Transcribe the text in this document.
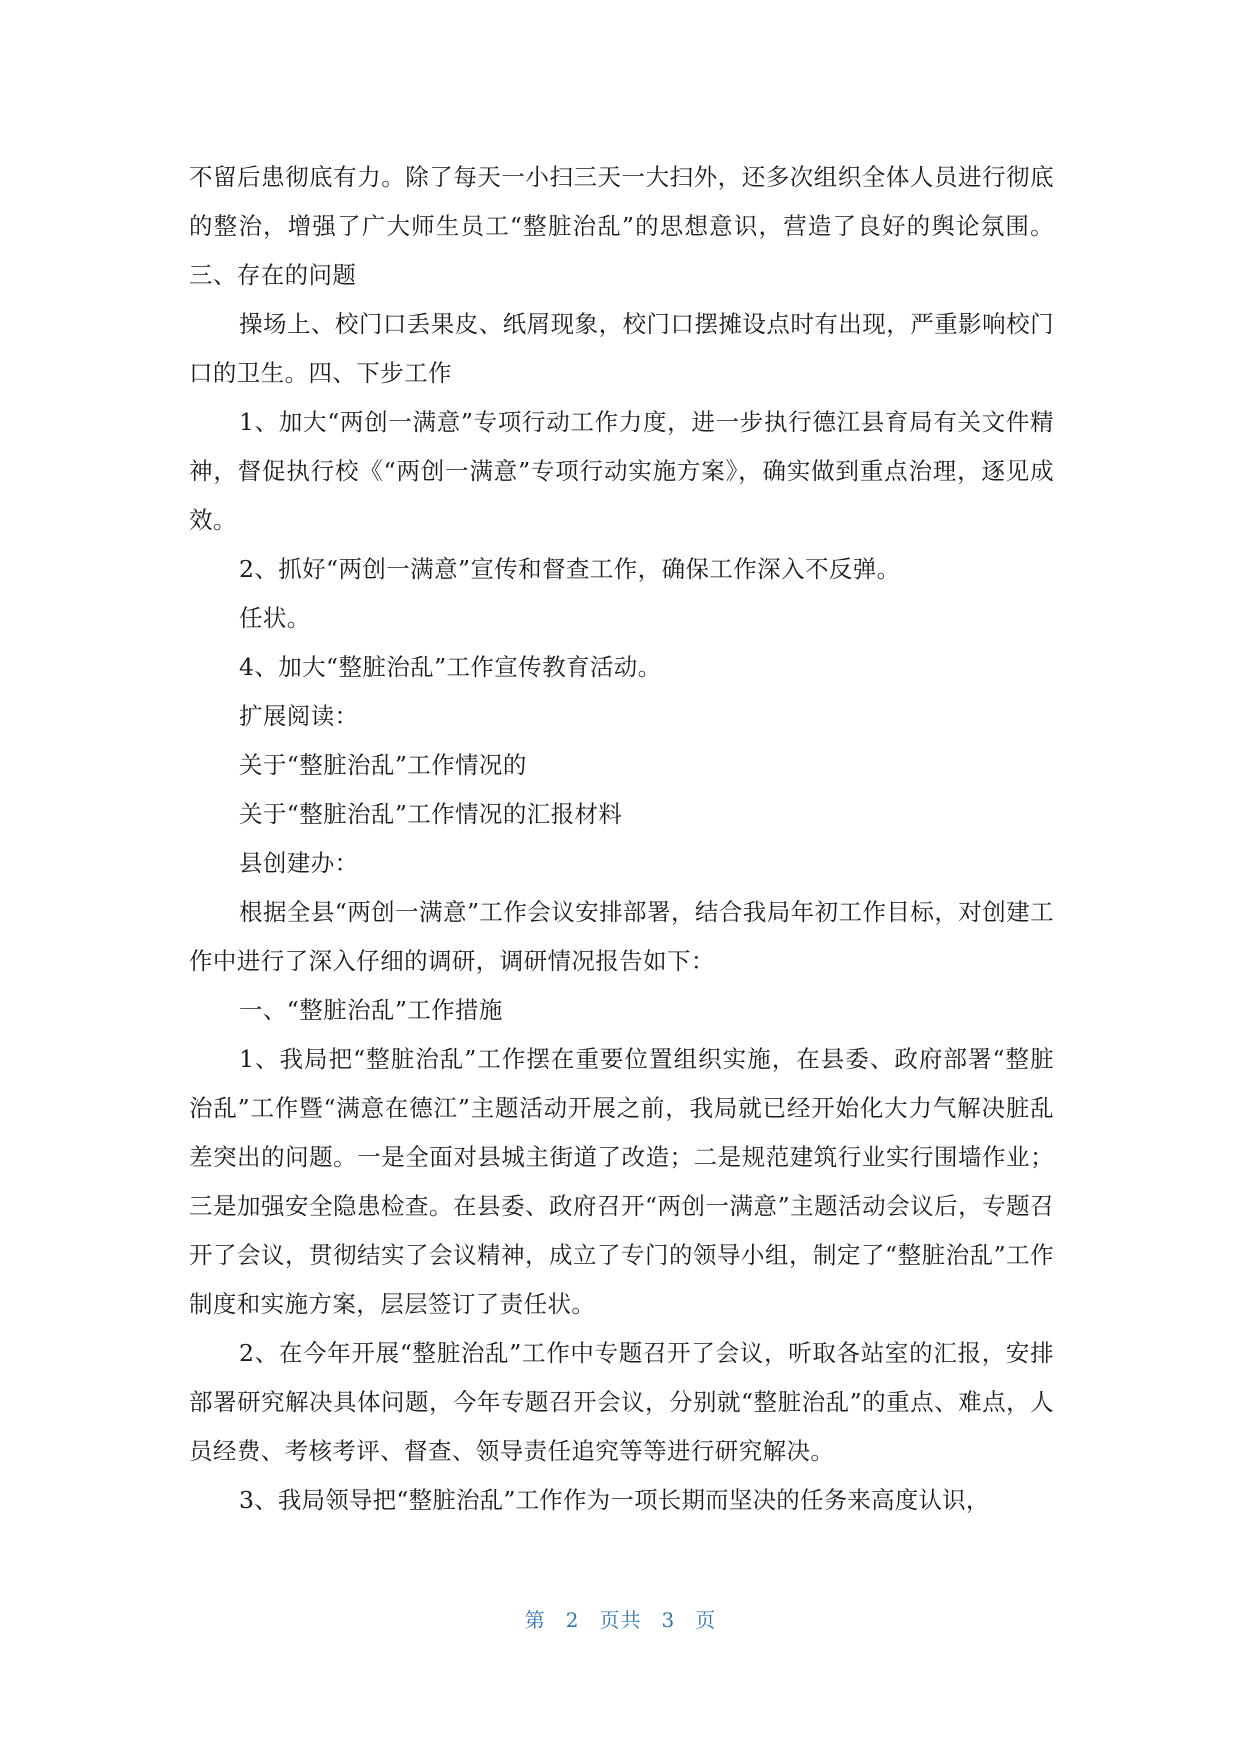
不留后患彻底有力。除了每天一小扫三天一大扫外，还多次组织全体人员进行彻底的整治，增强了广大师生员工“整脏治乱”的思想意识，营造了良好的舆论氛围。三、存在的问题

操场上、校门口丢果皮、纸屑现象，校门口摆摊设点时有出现，严重影响校门口的卫生。四、下步工作

1、加大“两创一满意”专项行动工作力度，进一步执行德江县育局有关文件精神，督促执行校《“两创一满意”专项行动实施方案》，确实做到重点治理，逐见成效。

2、抓好“两创一满意”宣传和督查工作，确保工作深入不反弹。

任状。

4、加大“整脏治乱”工作宣传教育活动。

扩展阅读：

关于“整脏治乱”工作情况的

关于“整脏治乱”工作情况的汇报材料

县创建办：

根据全县“两创一满意”工作会议安排部署，结合我局年初工作目标，对创建工作中进行了深入仔细的调研，调研情况报告如下：

一、“整脏治乱”工作措施

1、我局把“整脏治乱”工作摆在重要位置组织实施，在县委、政府部署“整脏治乱”工作暨“满意在德江”主题活动开展之前，我局就已经开始化大力气解决脏乱差突出的问题。一是全面对县城主街道了改造；二是规范建筑行业实行围墙作业；三是加强安全隐患检查。在县委、政府召开“两创一满意”主题活动会议后，专题召开了会议，贯彻结实了会议精神，成立了专门的领导小组，制定了“整脏治乱”工作制度和实施方案，层层签订了责任状。

2、在今年开展“整脏治乱”工作中专题召开了会议，听取各站室的汇报，安排部署研究解决具体问题，今年专题召开会议，分别就“整脏治乱”的重点、难点，人员经费、考核考评、督查、领导责任追究等等进行研究解决。

3、我局领导把“整脏治乱”工作作为一项长期而坚决的任务来高度认识，

第 2 页共 3 页
